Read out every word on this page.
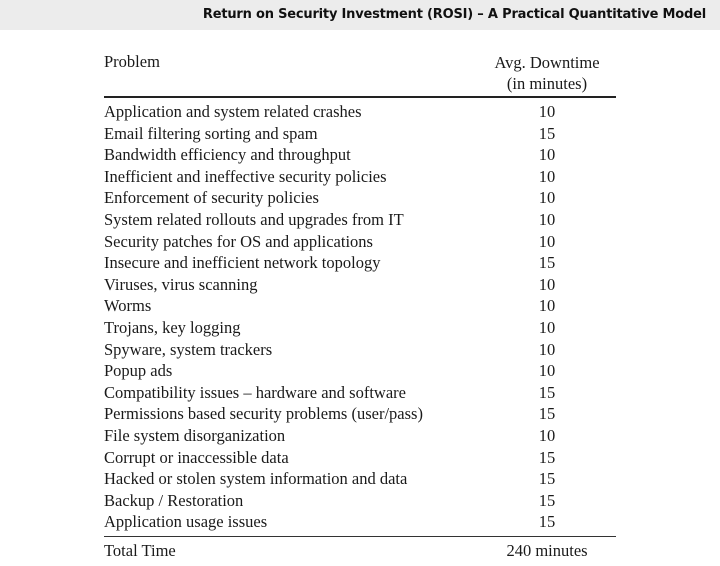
Return on Security Investment (ROSI) – A Practical Quantitative Model
Problem	Avg. Downtime
(in minutes)
Application and system related crashes	10
Email filtering sorting and spam	15
Bandwidth efficiency and throughput	10
Inefficient and ineffective security policies	10
Enforcement of security policies	10
System related rollouts and upgrades from IT	10
Security patches for OS and applications	10
Insecure and inefficient network topology	15
Viruses, virus scanning	10
Worms	10
Trojans, key logging	10
Spyware, system trackers	10
Popup ads	10
Compatibility issues – hardware and software	15
Permissions based security problems (user/pass)	15
File system disorganization	10
Corrupt or inaccessible data	15
Hacked or stolen system information and data	15
Backup / Restoration	15
Application usage issues	15
Total Time	240 minutes
